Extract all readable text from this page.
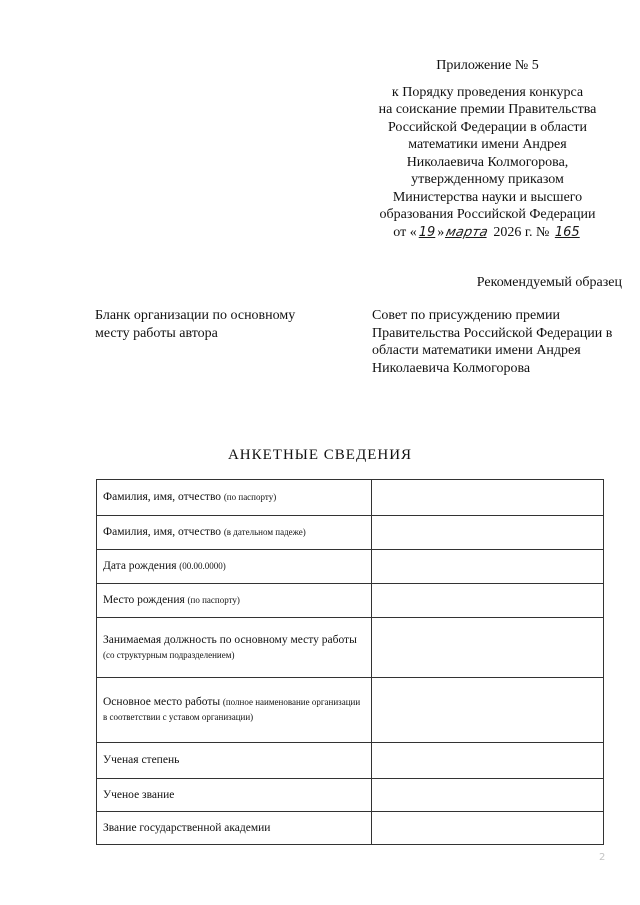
Приложение № 5
к Порядку проведения конкурса
на соискание премии Правительства
Российской Федерации в области
математики имени Андрея
Николаевича Колмогорова,
утвержденному приказом
Министерства науки и высшего
образования Российской Федерации
от « 19 »марта 2026 г. № 165
Рекомендуемый образец
Бланк организации по основному месту работы автора
Совет по присуждению премии Правительства Российской Федерации в области математики имени Андрея Николаевича Колмогорова
АНКЕТНЫЕ СВЕДЕНИЯ
Фамилия, имя, отчество (по паспорту)	
Фамилия, имя, отчество (в дательном падеже)	
Дата рождения (00.00.0000)	
Место рождения (по паспорту)	
Занимаемая должность по основному месту работы (со структурным подразделением)	
Основное место работы (полное наименование организации в соответствии с уставом организации)	
Ученая степень	
Ученое звание	
Звание государственной академии	
2
